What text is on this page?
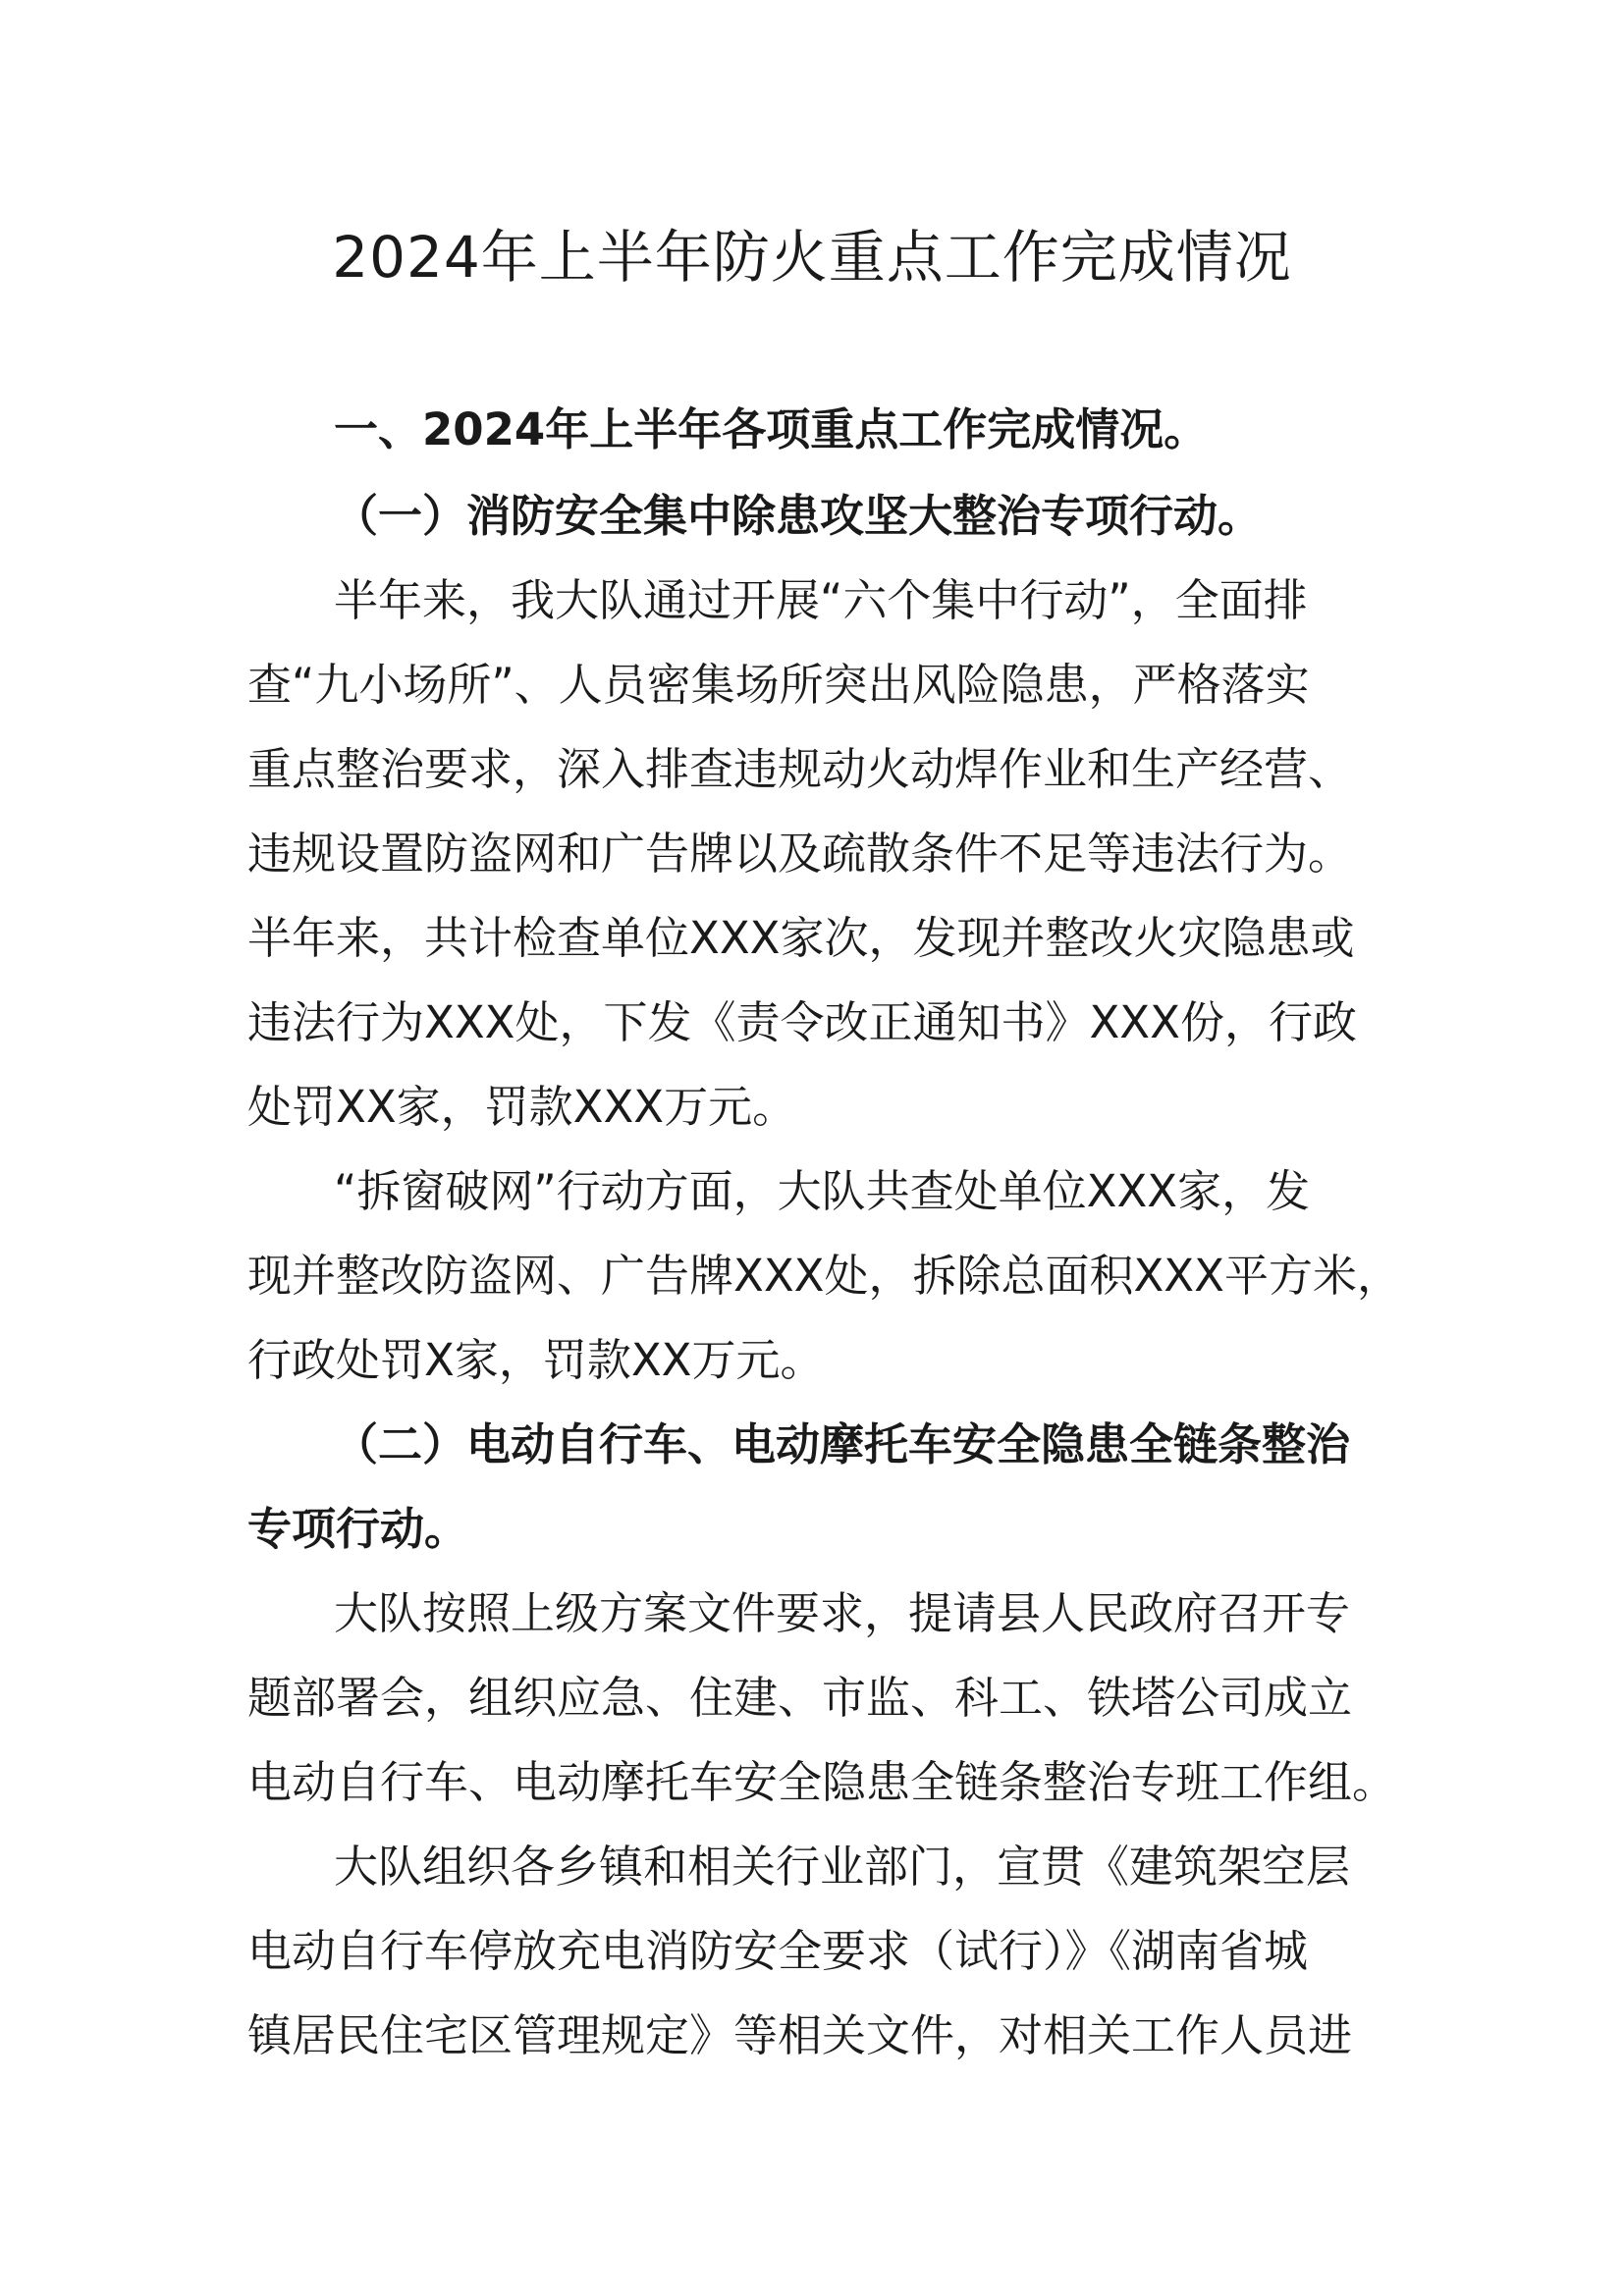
2024年上半年防火重点工作完成情况

一、2024年上半年各项重点工作完成情况。

（一）消防安全集中除患攻坚大整治专项行动。

半年来，我大队通过开展“六个集中行动”，全面排

查“九小场所”、人员密集场所突出风险隐患，严格落实

重点整治要求，深入排查违规动火动焊作业和生产经营、

违规设置防盗网和广告牌以及疏散条件不足等违法行为。

半年来，共计检查单位XXX家次，发现并整改火灾隐患或

违法行为XXX处，下发《责令改正通知书》XXX份，行政

处罚XX家，罚款XXX万元。

“拆窗破网”行动方面，大队共查处单位XXX家，发

现并整改防盗网、广告牌XXX处，拆除总面积XXX平方米，

行政处罚X家，罚款XX万元。

（二）电动自行车、电动摩托车安全隐患全链条整治

专项行动。

大队按照上级方案文件要求，提请县人民政府召开专

题部署会，组织应急、住建、市监、科工、铁塔公司成立

电动自行车、电动摩托车安全隐患全链条整治专班工作组。

大队组织各乡镇和相关行业部门，宣贯《建筑架空层

电动自行车停放充电消防安全要求（试行）》《湖南省城

镇居民住宅区管理规定》等相关文件，对相关工作人员进
